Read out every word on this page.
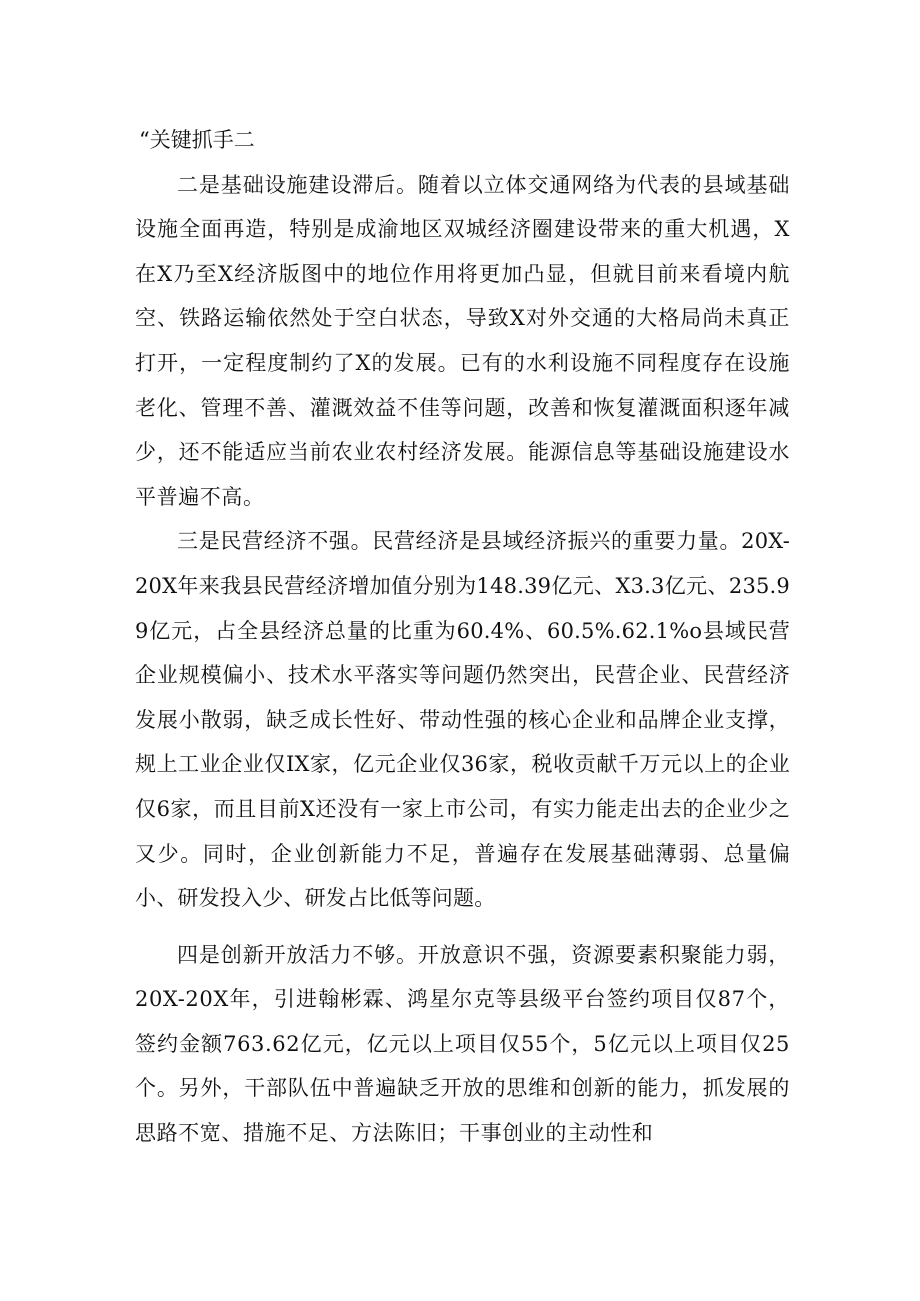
“关键抓手二

二是基础设施建设滞后。随着以立体交通网络为代表的县域基础设施全面再造，特别是成渝地区双城经济圈建设带来的重大机遇，X在X乃至X经济版图中的地位作用将更加凸显，但就目前来看境内航空、铁路运输依然处于空白状态，导致X对外交通的大格局尚未真正打开，一定程度制约了X的发展。已有的水利设施不同程度存在设施老化、管理不善、灌溉效益不佳等问题，改善和恢复灌溉面积逐年减少，还不能适应当前农业农村经济发展。能源信息等基础设施建设水平普遍不高。

三是民营经济不强。民营经济是县域经济振兴的重要力量。20X-20X年来我县民营经济增加值分别为148.39亿元、X3.3亿元、235.99亿元，占全县经济总量的比重为60.4%、60.5%.62.1%o县域民营企业规模偏小、技术水平落实等问题仍然突出，民营企业、民营经济发展小散弱，缺乏成长性好、带动性强的核心企业和品牌企业支撑，规上工业企业仅IX家，亿元企业仅36家，税收贡献千万元以上的企业仅6家，而且目前X还没有一家上市公司，有实力能走出去的企业少之又少。同时，企业创新能力不足，普遍存在发展基础薄弱、总量偏小、研发投入少、研发占比低等问题。

四是创新开放活力不够。开放意识不强，资源要素积聚能力弱，20X-20X年，引进翰彬霖、鸿星尔克等县级平台签约项目仅87个，签约金额763.62亿元，亿元以上项目仅55个，5亿元以上项目仅25个。另外，干部队伍中普遍缺乏开放的思维和创新的能力，抓发展的思路不宽、措施不足、方法陈旧；干事创业的主动性和
